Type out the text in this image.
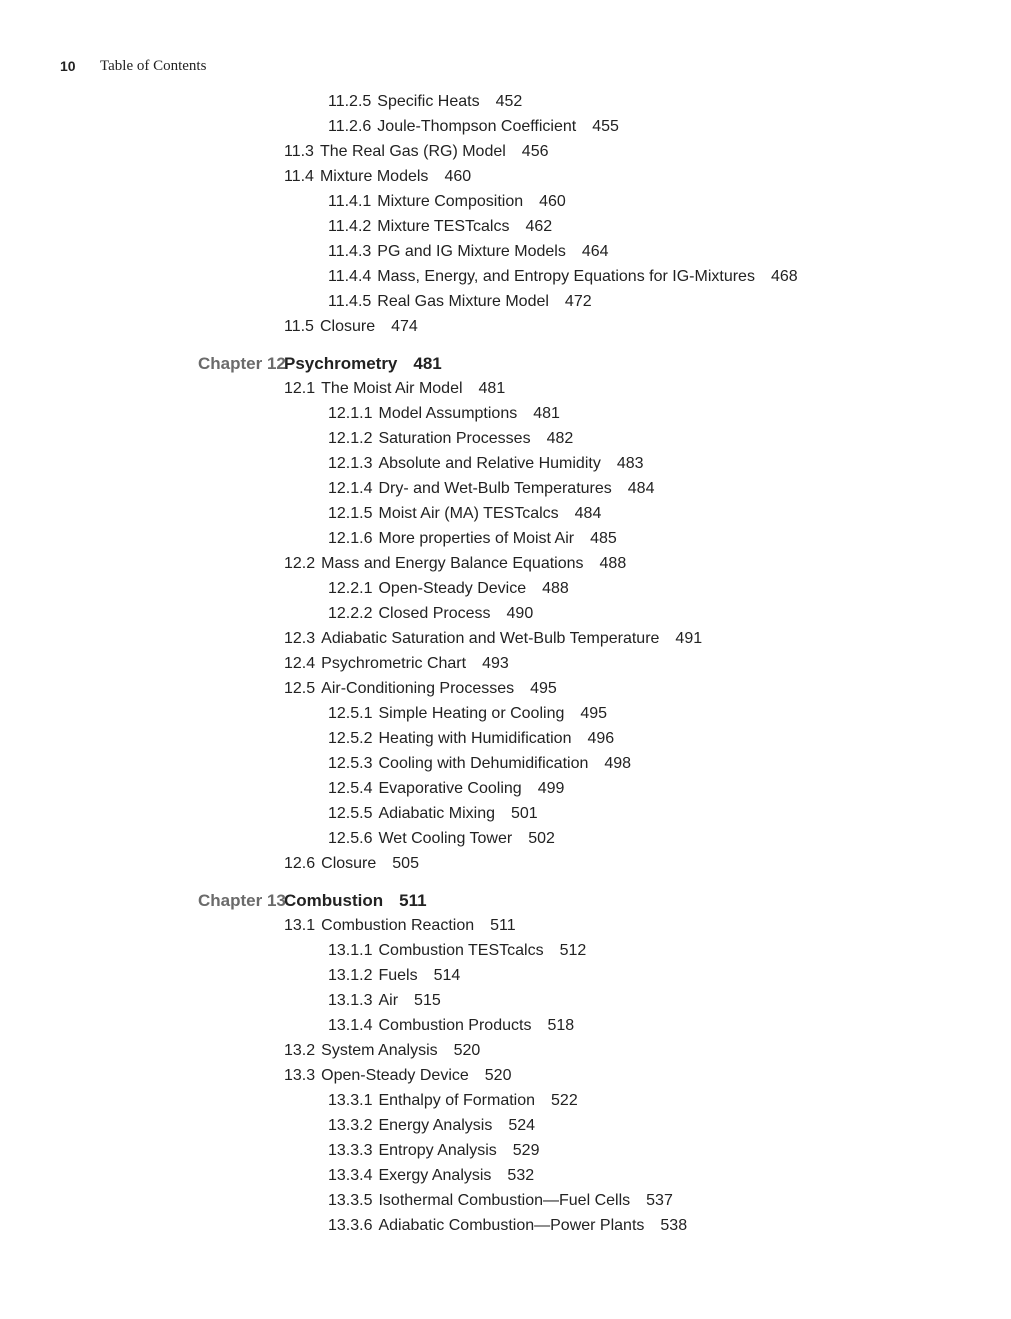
10 Table of Contents
11.2.5 Specific Heats 452
11.2.6 Joule-Thompson Coefficient 455
11.3 The Real Gas (RG) Model 456
11.4 Mixture Models 460
11.4.1 Mixture Composition 460
11.4.2 Mixture TESTcalcs 462
11.4.3 PG and IG Mixture Models 464
11.4.4 Mass, Energy, and Entropy Equations for IG-Mixtures 468
11.4.5 Real Gas Mixture Model 472
11.5 Closure 474
Chapter 12
Psychrometry 481
12.1 The Moist Air Model 481
12.1.1 Model Assumptions 481
12.1.2 Saturation Processes 482
12.1.3 Absolute and Relative Humidity 483
12.1.4 Dry- and Wet-Bulb Temperatures 484
12.1.5 Moist Air (MA) TESTcalcs 484
12.1.6 More properties of Moist Air 485
12.2 Mass and Energy Balance Equations 488
12.2.1 Open-Steady Device 488
12.2.2 Closed Process 490
12.3 Adiabatic Saturation and Wet-Bulb Temperature 491
12.4 Psychrometric Chart 493
12.5 Air-Conditioning Processes 495
12.5.1 Simple Heating or Cooling 495
12.5.2 Heating with Humidification 496
12.5.3 Cooling with Dehumidification 498
12.5.4 Evaporative Cooling 499
12.5.5 Adiabatic Mixing 501
12.5.6 Wet Cooling Tower 502
12.6 Closure 505
Chapter 13
Combustion 511
13.1 Combustion Reaction 511
13.1.1 Combustion TESTcalcs 512
13.1.2 Fuels 514
13.1.3 Air 515
13.1.4 Combustion Products 518
13.2 System Analysis 520
13.3 Open-Steady Device 520
13.3.1 Enthalpy of Formation 522
13.3.2 Energy Analysis 524
13.3.3 Entropy Analysis 529
13.3.4 Exergy Analysis 532
13.3.5 Isothermal Combustion—Fuel Cells 537
13.3.6 Adiabatic Combustion—Power Plants 538
